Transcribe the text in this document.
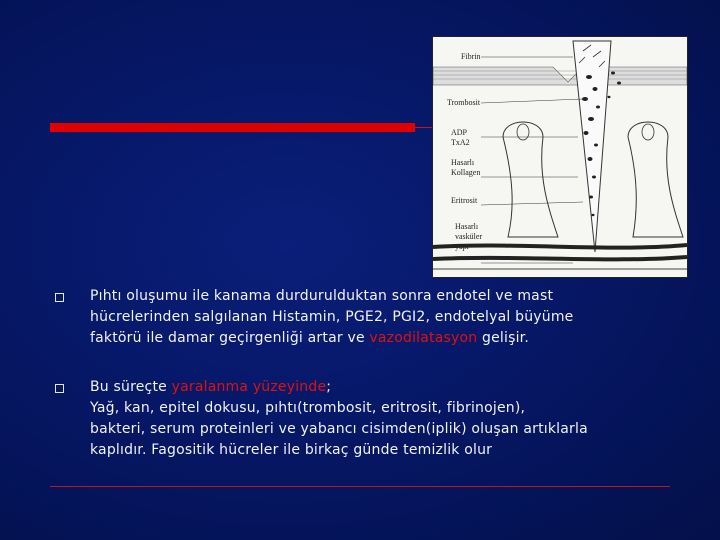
Fibrin
Trombosit
ADP
TxA2
Hasarlı
Kollagen
Eritrosit
Hasarlı
vasküler
yapı
Pıhtı oluşumu ile kanama durdurulduktan sonra endotel ve mast
hücrelerinden salgılanan Histamin, PGE2, PGI2, endotelyal büyüme
faktörü ile damar geçirgenliği artar ve vazodilatasyon gelişir.
Bu süreçte yaralanma yüzeyinde;
Yağ, kan, epitel dokusu, pıhtı(trombosit, eritrosit, fibrinojen),
bakteri, serum proteinleri ve yabancı cisimden(iplik) oluşan artıklarla
kaplıdır. Fagositik hücreler ile birkaç günde temizlik olur
